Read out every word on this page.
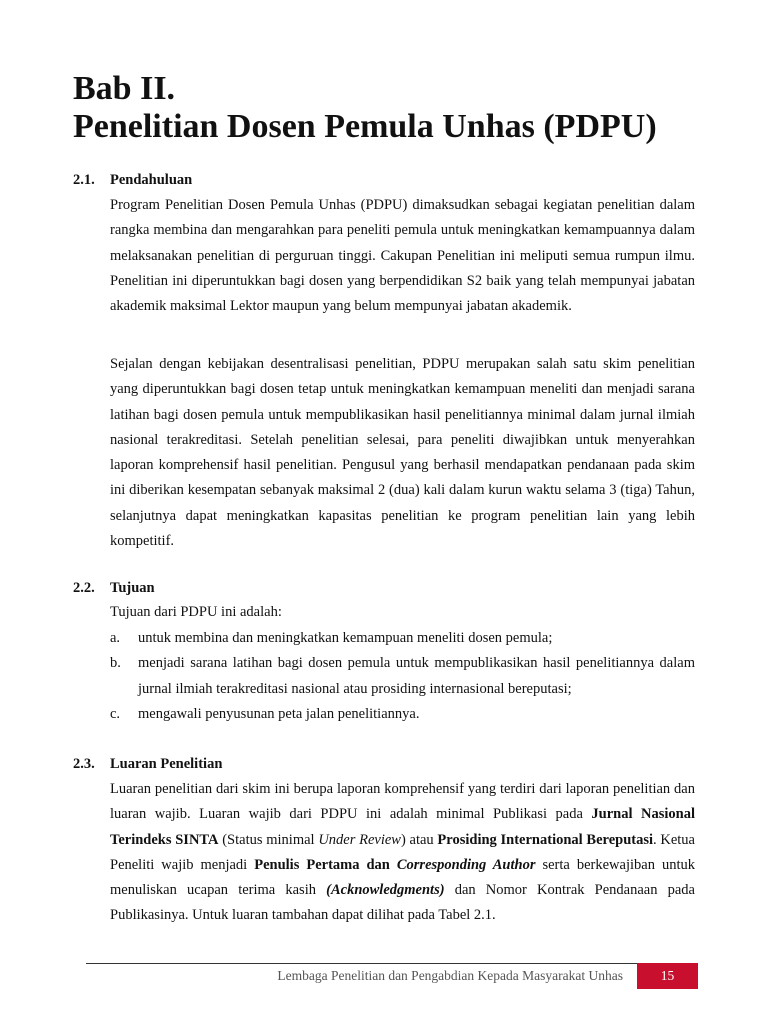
Bab II.
Penelitian Dosen Pemula Unhas (PDPU)
2.1. Pendahuluan

Program Penelitian Dosen Pemula Unhas (PDPU) dimaksudkan sebagai kegiatan penelitian dalam rangka membina dan mengarahkan para peneliti pemula untuk meningkatkan kemampuannya dalam melaksanakan penelitian di perguruan tinggi. Cakupan Penelitian ini meliputi semua rumpun ilmu. Penelitian ini diperuntukkan bagi dosen yang berpendidikan S2 baik yang telah mempunyai jabatan akademik maksimal Lektor maupun yang belum mempunyai jabatan akademik.

Sejalan dengan kebijakan desentralisasi penelitian, PDPU merupakan salah satu skim penelitian yang diperuntukkan bagi dosen tetap untuk meningkatkan kemampuan meneliti dan menjadi sarana latihan bagi dosen pemula untuk mempublikasikan hasil penelitiannya minimal dalam jurnal ilmiah nasional terakreditasi. Setelah penelitian selesai, para peneliti diwajibkan untuk menyerahkan laporan komprehensif hasil penelitian. Pengusul yang berhasil mendapatkan pendanaan pada skim ini diberikan kesempatan sebanyak maksimal 2 (dua) kali dalam kurun waktu selama 3 (tiga) Tahun, selanjutnya dapat meningkatkan kapasitas penelitian ke program penelitian lain yang lebih kompetitif.

2.2. Tujuan

Tujuan dari PDPU ini adalah:

a. untuk membina dan meningkatkan kemampuan meneliti dosen pemula;
b. menjadi sarana latihan bagi dosen pemula untuk mempublikasikan hasil penelitiannya dalam jurnal ilmiah terakreditasi nasional atau prosiding internasional bereputasi;
c. mengawali penyusunan peta jalan penelitiannya.
2.3. Luaran Penelitian

Luaran penelitian dari skim ini berupa laporan komprehensif yang terdiri dari laporan penelitian dan luaran wajib. Luaran wajib dari PDPU ini adalah minimal Publikasi pada Jurnal Nasional Terindeks SINTA (Status minimal Under Review) atau Prosiding International Bereputasi. Ketua Peneliti wajib menjadi Penulis Pertama dan Corresponding Author serta berkewajiban untuk menuliskan ucapan terima kasih (Acknowledgments) dan Nomor Kontrak Pendanaan pada Publikasinya. Untuk luaran tambahan dapat dilihat pada Tabel 2.1.

Lembaga Penelitian dan Pengabdian Kepada Masyarakat Unhas	15
